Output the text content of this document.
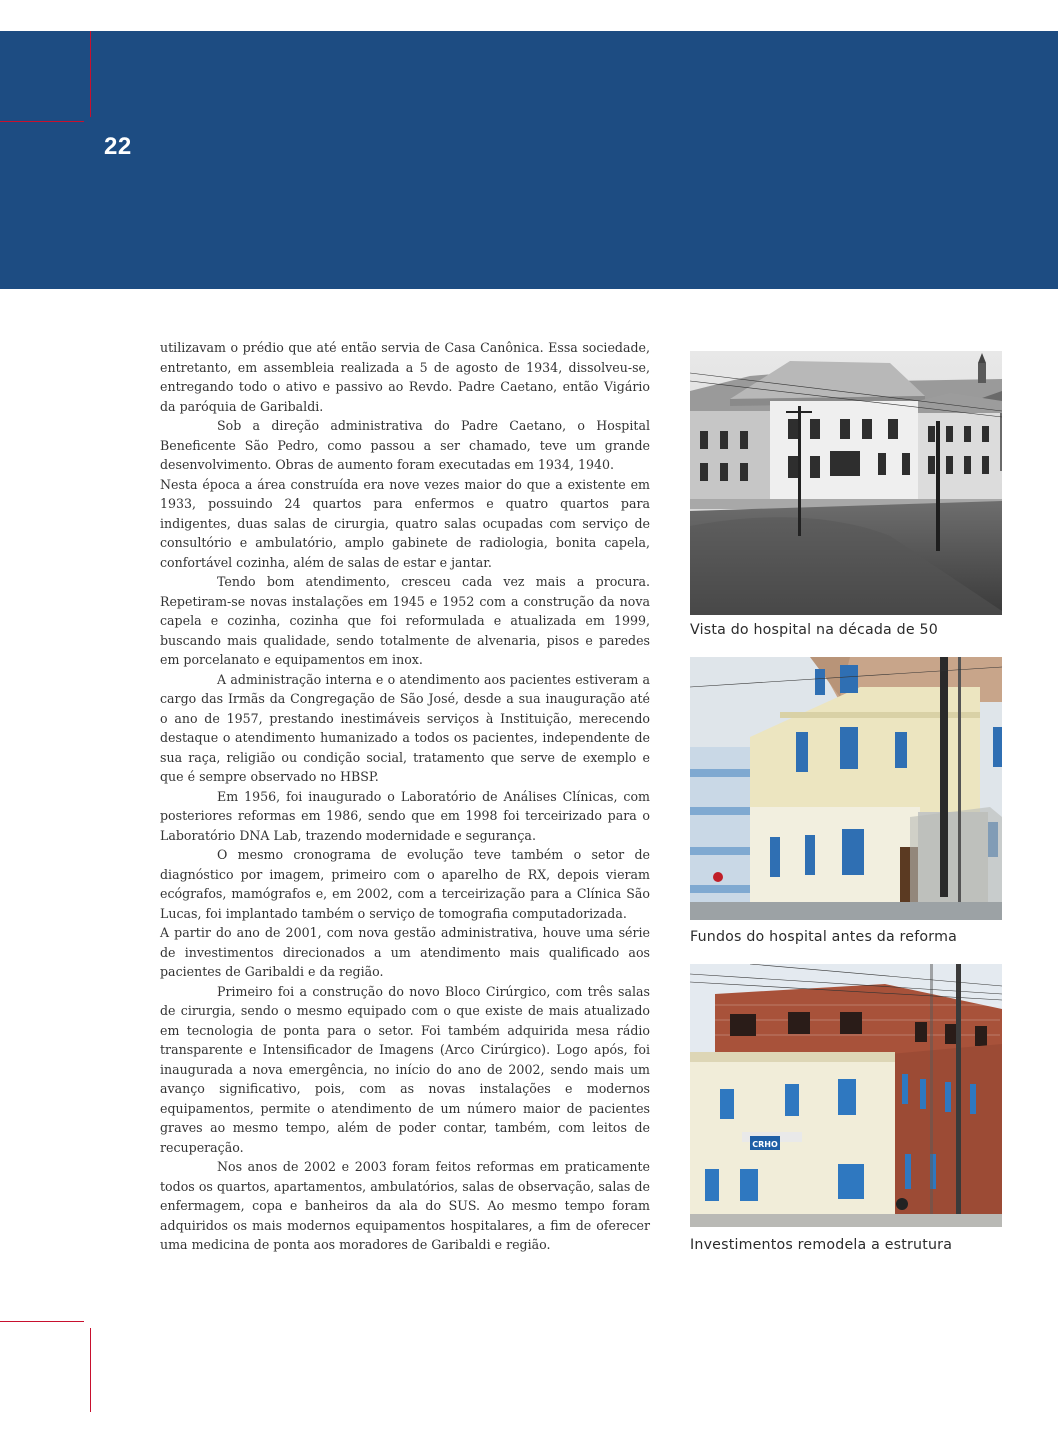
22

utilizavam o prédio que até então servia de Casa Canônica. Essa sociedade, entretanto, em assembleia realizada a 5 de agosto de 1934, dissolveu-se, entregando todo o ativo e passivo ao Revdo. Padre Caetano, então Vigário da paróquia de Garibaldi.

Sob a direção administrativa do Padre Caetano, o Hospital Beneficente São Pedro, como passou a ser chamado, teve um grande desenvolvimento. Obras de aumento foram executadas em 1934, 1940.

Nesta época a área construída era nove vezes maior do que a existente em 1933, possuindo 24 quartos para enfermos e quatro quartos para indigentes, duas salas de cirurgia, quatro salas ocupadas com serviço de consultório e ambulatório, amplo gabinete de radiologia, bonita capela, confortável cozinha, além de salas de estar e jantar.

Tendo bom atendimento, cresceu cada vez mais a procura. Repetiram-se novas instalações em 1945 e 1952 com a construção da nova capela e cozinha, cozinha que foi reformulada e atualizada em 1999, buscando mais qualidade, sendo totalmente de alvenaria, pisos e paredes em porcelanato e equipamentos em inox.

A administração interna e o atendimento aos pacientes estiveram a cargo das Irmãs da Congregação de São José, desde a sua inauguração até o ano de 1957, prestando inestimáveis serviços à Instituição, merecendo destaque o atendimento humanizado a todos os pacientes, independente de sua raça, religião ou condição social, tratamento que serve de exemplo e que é sempre observado no HBSP.

Em 1956, foi inaugurado o Laboratório de Análises Clínicas, com posteriores reformas em 1986, sendo que em 1998 foi terceirizado para o Laboratório DNA Lab, trazendo modernidade e segurança.

O mesmo cronograma de evolução teve também o setor de diagnóstico por imagem, primeiro com o aparelho de RX, depois vieram ecógrafos, mamógrafos e, em 2002, com a terceirização para a Clínica São Lucas, foi implantado também o serviço de tomografia computadorizada.

A partir do ano de 2001, com nova gestão administrativa, houve uma série de investimentos direcionados a um atendimento mais qualificado aos pacientes de Garibaldi e da região.

Primeiro foi a construção do novo Bloco Cirúrgico, com três salas de cirurgia, sendo o mesmo equipado com o que existe de mais atualizado em tecnologia de ponta para o setor. Foi também adquirida mesa rádio transparente e Intensificador de Imagens (Arco Cirúrgico). Logo após, foi inaugurada a nova emergência, no início do ano de 2002, sendo mais um avanço significativo, pois, com as novas instalações e modernos equipamentos, permite o atendimento de um número maior de pacientes graves ao mesmo tempo, além de poder contar, também, com leitos de recuperação.

Nos anos de 2002 e 2003 foram feitos reformas em praticamente todos os quartos, apartamentos, ambulatórios, salas de observação, salas de enfermagem, copa e banheiros da ala do SUS. Ao mesmo tempo foram adquiridos os mais modernos equipamentos hospitalares, a fim de oferecer uma medicina de ponta aos moradores de Garibaldi e região.

Vista do hospital na década de 50
Fundos do hospital antes da reforma
CRHO
Investimentos remodela a estrutura
